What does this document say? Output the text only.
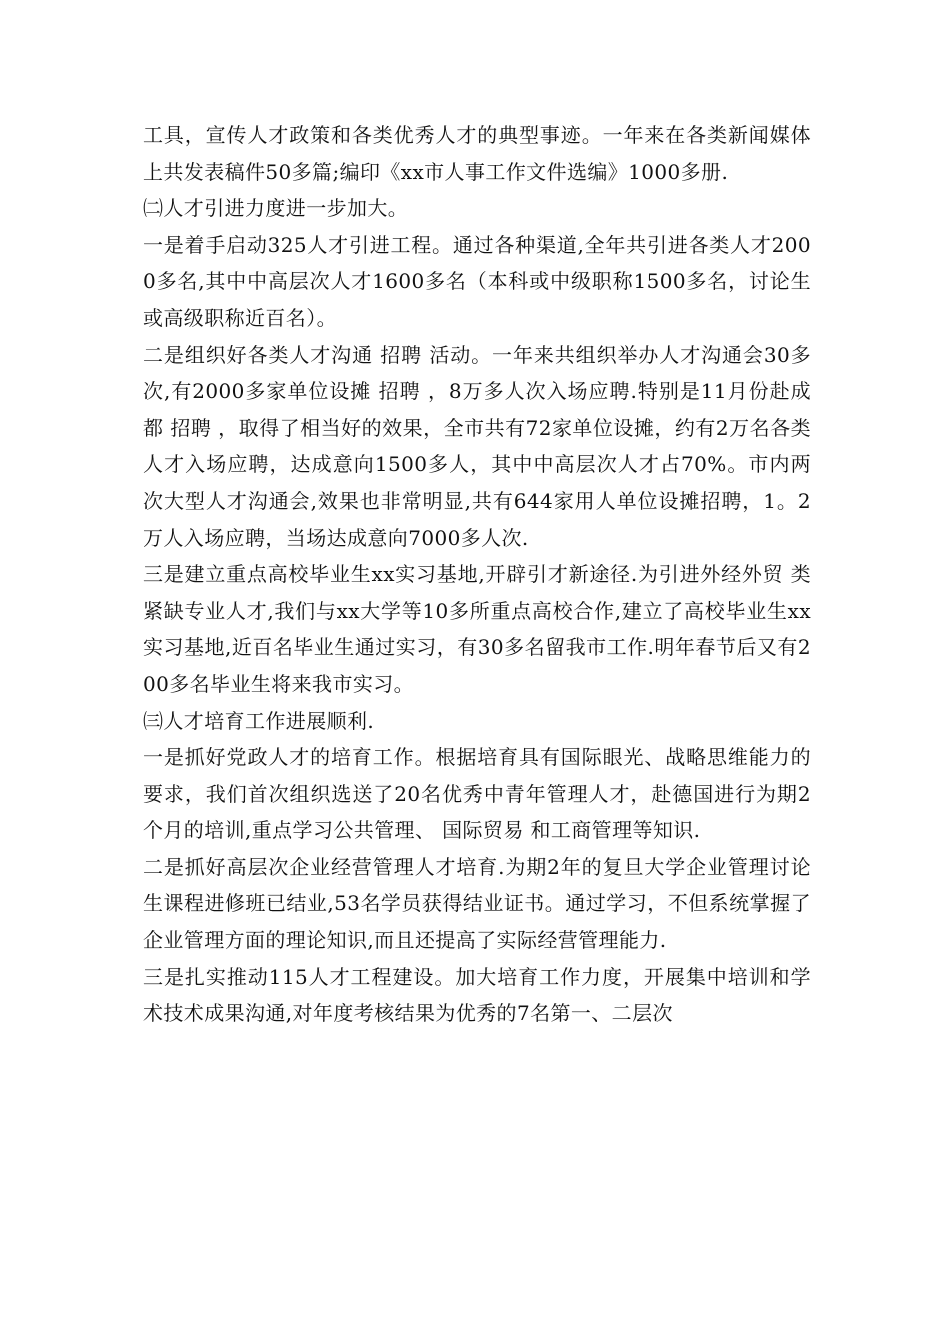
工具，宣传人才政策和各类优秀人才的典型事迹。一年来在各类新闻媒体上共发表稿件50多篇;编印《xx市人事工作文件选编》1000多册.

㈡人才引进力度进一步加大。

一是着手启动325人才引进工程。通过各种渠道,全年共引进各类人才2000多名,其中中高层次人才1600多名（本科或中级职称1500多名，讨论生或高级职称近百名）。

二是组织好各类人才沟通 招聘 活动。一年来共组织举办人才沟通会30多次,有2000多家单位设摊 招聘 ，8万多人次入场应聘.特别是11月份赴成都 招聘 ，取得了相当好的效果，全市共有72家单位设摊，约有2万名各类人才入场应聘，达成意向1500多人，其中中高层次人才占70%。市内两次大型人才沟通会,效果也非常明显,共有644家用人单位设摊招聘，1。2万人入场应聘，当场达成意向7000多人次.

三是建立重点高校毕业生xx实习基地,开辟引才新途径.为引进外经外贸 类紧缺专业人才,我们与xx大学等10多所重点高校合作,建立了高校毕业生xx实习基地,近百名毕业生通过实习，有30多名留我市工作.明年春节后又有200多名毕业生将来我市实习。

㈢人才培育工作进展顺利.

一是抓好党政人才的培育工作。根据培育具有国际眼光、战略思维能力的要求，我们首次组织选送了20名优秀中青年管理人才，赴德国进行为期2个月的培训,重点学习公共管理、 国际贸易 和工商管理等知识.

二是抓好高层次企业经营管理人才培育.为期2年的复旦大学企业管理讨论生课程进修班已结业,53名学员获得结业证书。通过学习，不但系统掌握了企业管理方面的理论知识,而且还提高了实际经营管理能力.

三是扎实推动115人才工程建设。加大培育工作力度，开展集中培训和学术技术成果沟通,对年度考核结果为优秀的7名第一、二层次
